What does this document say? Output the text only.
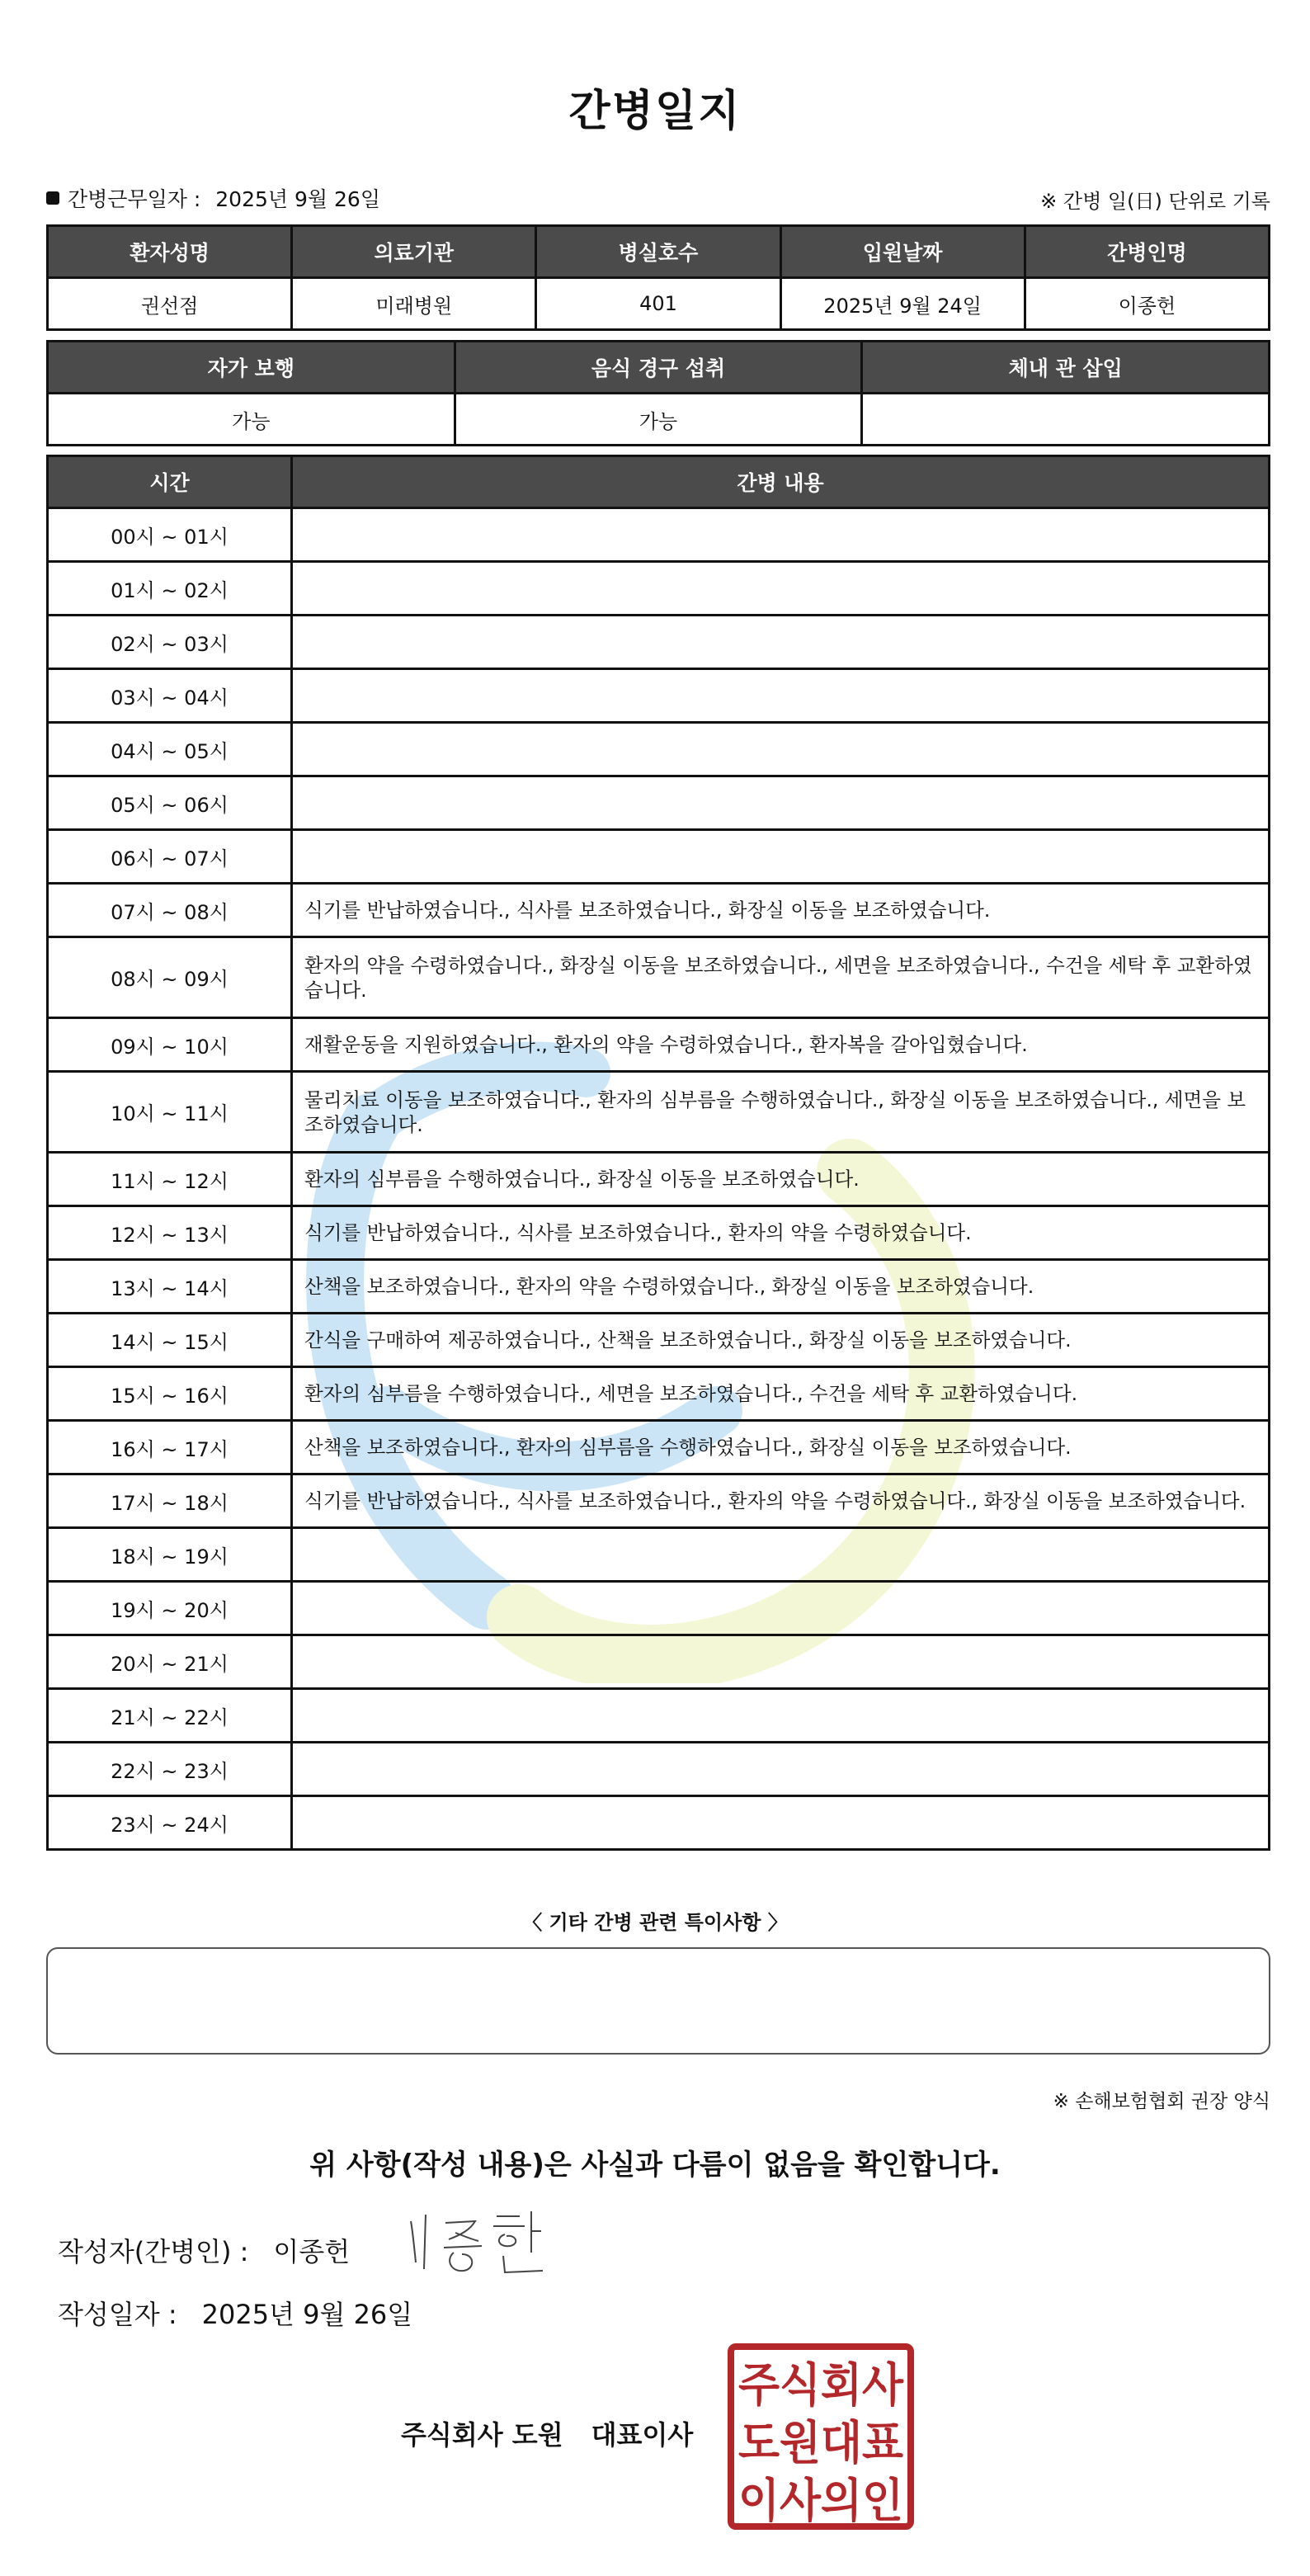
간병일지
간병근무일자 : 2025년 9월 26일	※ 간병 일(日) 단위로 기록
환자성명	의료기관	병실호수	입원날짜	간병인명
권선점	미래병원	401	2025년 9월 24일	이종헌
자가 보행	음식 경구 섭취	체내 관 삽입
가능	가능	
시간	간병 내용
00시 ~ 01시	
01시 ~ 02시	
02시 ~ 03시	
03시 ~ 04시	
04시 ~ 05시	
05시 ~ 06시	
06시 ~ 07시	
07시 ~ 08시	식기를 반납하였습니다., 식사를 보조하였습니다., 화장실 이동을 보조하였습니다.
08시 ~ 09시	환자의 약을 수령하였습니다., 화장실 이동을 보조하였습니다., 세면을 보조하였습니다., 수건을 세탁 후 교환하였습니다.
09시 ~ 10시	재활운동을 지원하였습니다., 환자의 약을 수령하였습니다., 환자복을 갈아입혔습니다.
10시 ~ 11시	물리치료 이동을 보조하였습니다., 환자의 심부름을 수행하였습니다., 화장실 이동을 보조하였습니다., 세면을 보조하였습니다.
11시 ~ 12시	환자의 심부름을 수행하였습니다., 화장실 이동을 보조하였습니다.
12시 ~ 13시	식기를 반납하였습니다., 식사를 보조하였습니다., 환자의 약을 수령하였습니다.
13시 ~ 14시	산책을 보조하였습니다., 환자의 약을 수령하였습니다., 화장실 이동을 보조하였습니다.
14시 ~ 15시	간식을 구매하여 제공하였습니다., 산책을 보조하였습니다., 화장실 이동을 보조하였습니다.
15시 ~ 16시	환자의 심부름을 수행하였습니다., 세면을 보조하였습니다., 수건을 세탁 후 교환하였습니다.
16시 ~ 17시	산책을 보조하였습니다., 환자의 심부름을 수행하였습니다., 화장실 이동을 보조하였습니다.
17시 ~ 18시	식기를 반납하였습니다., 식사를 보조하였습니다., 환자의 약을 수령하였습니다., 화장실 이동을 보조하였습니다.
18시 ~ 19시	
19시 ~ 20시	
20시 ~ 21시	
21시 ~ 22시	
22시 ~ 23시	
23시 ~ 24시	
〈 기타 간병 관련 특이사항 〉
※ 손해보험협회 권장 양식
위 사항(작성 내용)은 사실과 다름이 없음을 확인합니다.
작성자(간병인) : 이종헌
작성일자 : 2025년 9월 26일
주식회사 도원 대표이사
주식회사
도원대표
이사의인
